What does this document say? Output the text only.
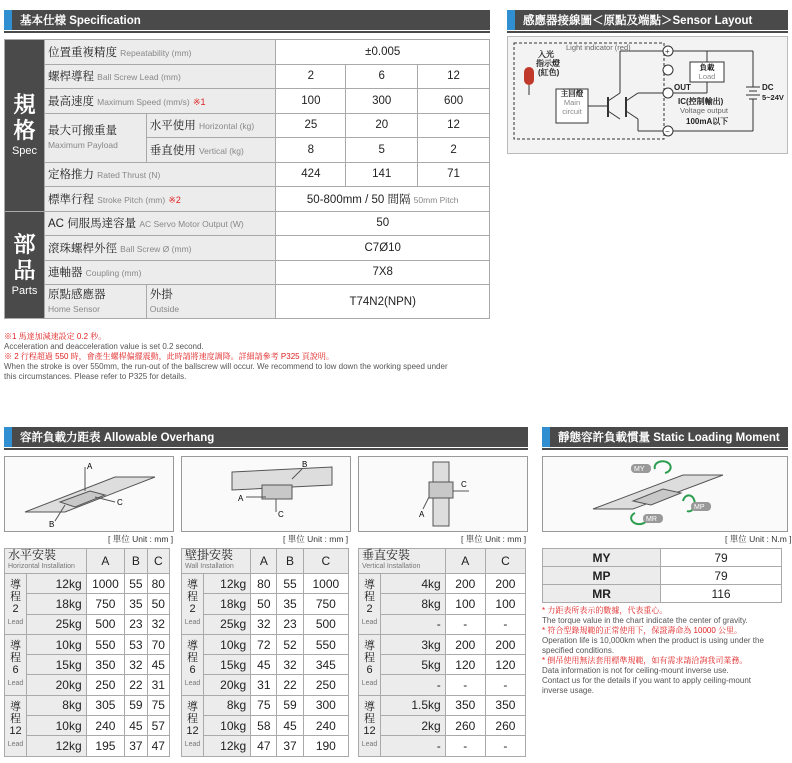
基本仕様 Specification	感應器接線圖＜原點及端點＞Sensor Layout
容許負載力距表 Allowable Overhang	靜態容許負載慣量 Static Loading Moment
規格
Spec	位置重複精度 Repeatability (mm)		±0.005		
	螺桿導程 Ball Screw Lead (mm)		2	6	12
	最高速度 Maximum Speed (mm/s) ※1		100	300	600
	最大可搬重量
Maximum Payload	水平使用 Horizontal (kg)	25	20	12
		垂直使用 Vertical (kg)	8	5	2
	定格推力 Rated Thrust (N)		424	141	71
	標準行程 Stroke Pitch (mm) ※2		50-800mm / 50 間隔 50mm Pitch		
部品
Parts	AC 伺服馬達容量 AC Servo Motor Output (W)		50		
	滾珠螺桿外徑 Ball Screw Ø (mm)		C7Ø10		
	連軸器 Coupling (mm)		7X8		
	原點感應器
Home Sensor	外掛
Outside	T74N2(NPN)		
※1 馬達加減速設定 0.2 秒。
Acceleration and deacceleration value is set 0.2 second.
※ 2 行程超過 550 時，會產生螺桿偏擺震動，此時請將速度調降。詳細請參考 P325 頁說明。
When the stroke is over 550mm, the run-out of the ballscrew will occur. We recommend to low down the working speed under
this circumstances. Please refer to P325 for details.
+
−
Light indicator (red)
入光
指示燈
(紅色)
主回燈
Main
circuit
負載
Load
OUT
IC(控制輸出)
Voltage output
100mA以下
DC
5~24V
A
C
B
B
A
C
C
A
MY
MP
MR
[ 單位 Unit : mm ]	[ 單位 Unit : mm ]	[ 單位 Unit : mm ]	[ 單位 Unit : N.m ]
水平安裝
Horizontal Installation		A	B	C
導程
2
Lead	12kg	1000	55	80
	18kg	750	35	50
	25kg	500	23	32
導程
6
Lead	10kg	550	53	70
	15kg	350	32	45
	20kg	250	22	31
導程
12
Lead	8kg	305	59	75
	10kg	240	45	57
	12kg	195	37	47
壁掛安裝
Wall Installation		A	B	C
導程
2
Lead	12kg	80	55	1000
	18kg	50	35	750
	25kg	32	23	500
導程
6
Lead	10kg	72	52	550
	15kg	45	32	345
	20kg	31	22	250
導程
12
Lead	8kg	75	59	300
	10kg	58	45	240
	12kg	47	37	190
垂直安裝
Vertical Installation		A	C
導程
2
Lead	4kg	200	200
	8kg	100	100
	-	-	-
導程
6
Lead	3kg	200	200
	5kg	120	120
	-	-	-
導程
12
Lead	1.5kg	350	350
	2kg	260	260
	-	-	-
MY	79
MP	79
MR	116
* 力距表所表示的數據，代表重心。
The torque value in the chart indicate the center of gravity.
* 符合型錄規範的正常使用下，保證壽命為 10000 公里。
Operation life is 10,000km when the product is using under the
specified conditions.
* 倒吊使用無法套用標準規範，如有需求請洽詢我司業務。
Data information is not for ceiling-mount inverse use.
Contact us for the details if you want to apply ceiling-mount
inverse usage.
